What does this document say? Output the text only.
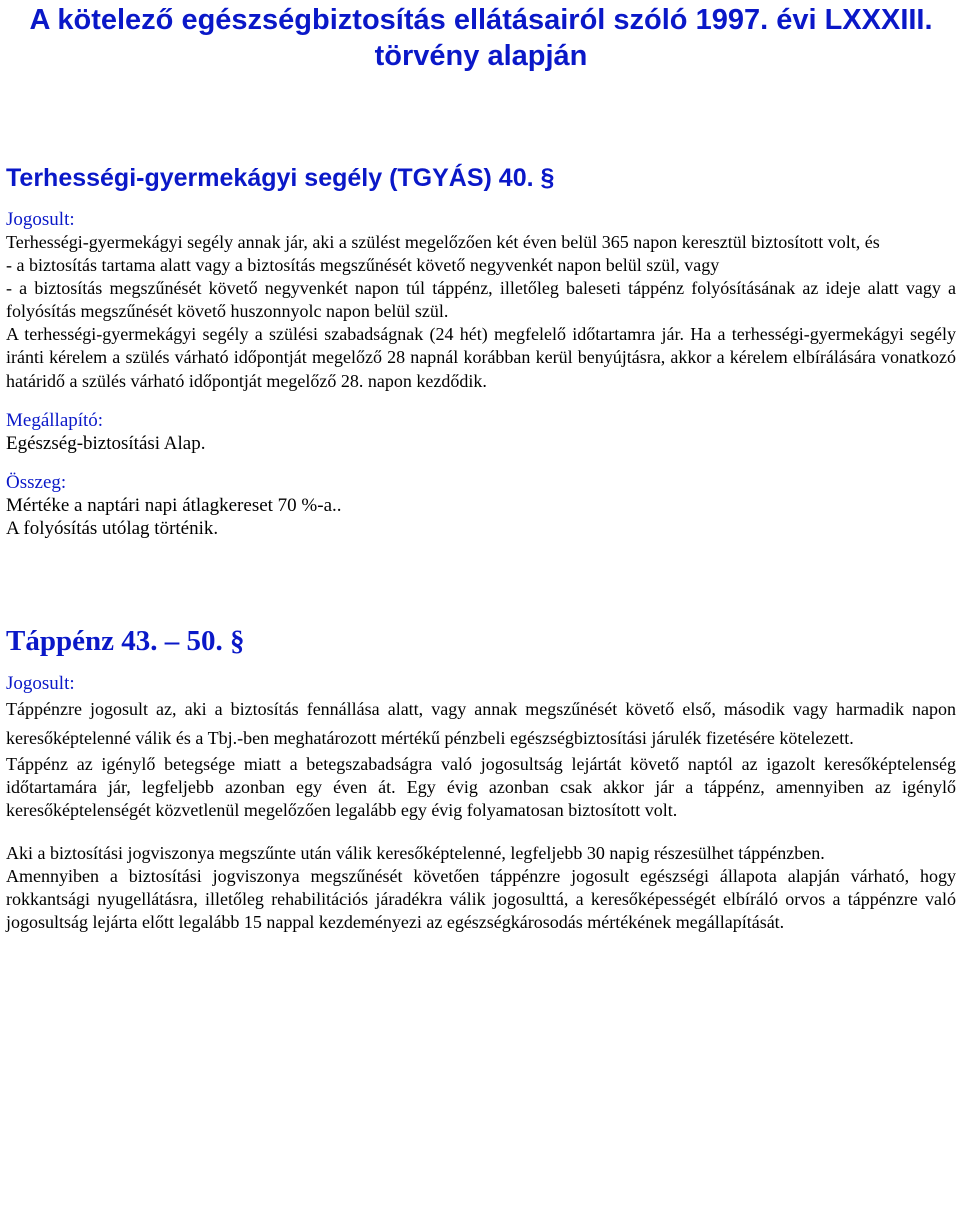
A kötelező egészségbiztosítás ellátásairól szóló 1997. évi LXXXIII. törvény alapján
Terhességi-gyermekágyi segély (TGYÁS) 40. §

Jogosult:

Terhességi-gyermekágyi segély annak jár, aki a szülést megelőzően két éven belül 365 napon keresztül biztosított volt, és

- a biztosítás tartama alatt vagy a biztosítás megszűnését követő negyvenkét napon belül szül, vagy

- a biztosítás megszűnését követő negyvenkét napon túl táppénz, illetőleg baleseti táppénz folyósításának az ideje alatt vagy a folyósítás megszűnését követő huszonnyolc napon belül szül.

A terhességi-gyermekágyi segély a szülési szabadságnak (24 hét) megfelelő időtartamra jár. Ha a terhességi-gyermekágyi segély iránti kérelem a szülés várható időpontját megelőző 28 napnál korábban kerül benyújtásra, akkor a kérelem elbírálására vonatkozó határidő a szülés várható időpontját megelőző 28. napon kezdődik.

Megállapító:

Egészség-biztosítási Alap.

Összeg:

Mértéke a naptári napi átlagkereset 70 %-a..

A folyósítás utólag történik.

Táppénz 43. – 50. §

Jogosult:

Táppénzre jogosult az, aki a biztosítás fennállása alatt, vagy annak megszűnését követő első, második vagy harmadik napon keresőképtelenné válik és a Tbj.-ben meghatározott mértékű pénzbeli egészségbiztosítási járulék fizetésére kötelezett.

Táppénz az igénylő betegsége miatt a betegszabadságra való jogosultság lejártát követő naptól az igazolt keresőképtelenség időtartamára jár, legfeljebb azonban egy éven át. Egy évig azonban csak akkor jár a táppénz, amennyiben az igénylő keresőképtelenségét közvetlenül megelőzően legalább egy évig folyamatosan biztosított volt.

Aki a biztosítási jogviszonya megszűnte után válik keresőképtelenné, legfeljebb 30 napig részesülhet táppénzben.

Amennyiben a biztosítási jogviszonya megszűnését követően táppénzre jogosult egészségi állapota alapján várható, hogy rokkantsági nyugellátásra, illetőleg rehabilitációs járadékra válik jogosulttá, a keresőképességét elbíráló orvos a táppénzre való jogosultság lejárta előtt legalább 15 nappal kezdeményezi az egészségkárosodás mértékének megállapítását.
